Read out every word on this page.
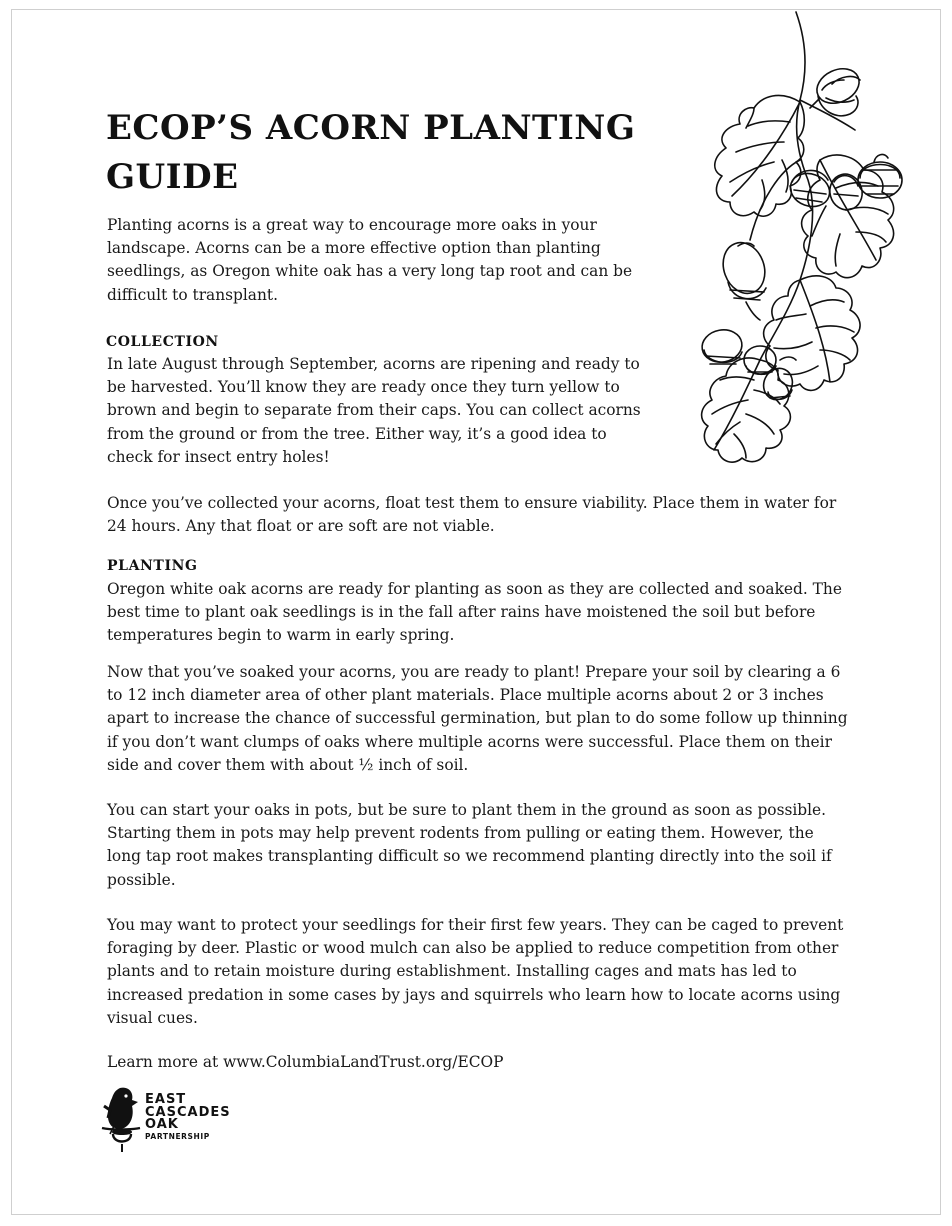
ECOP’S ACORN PLANTING GUIDE

Planting acorns is a great way to encourage more oaks in your landscape. Acorns can be a more effective option than planting seedlings, as Oregon white oak has a very long tap root and can be difficult to transplant.

COLLECTION

In late August through September, acorns are ripening and ready to be harvested. You’ll know they are ready once they turn yellow to brown and begin to separate from their caps. You can collect acorns from the ground or from the tree. Either way, it’s a good idea to check for insect entry holes!

Once you’ve collected your acorns, float test them to ensure viability. Place them in water for 24 hours. Any that float or are soft are not viable.

PLANTING

Oregon white oak acorns are ready for planting as soon as they are collected and soaked. The best time to plant oak seedlings is in the fall after rains have moistened the soil but before temperatures begin to warm in early spring.

Now that you’ve soaked your acorns, you are ready to plant! Prepare your soil by clearing a 6 to 12 inch diameter area of other plant materials. Place multiple acorns about 2 or 3 inches apart to increase the chance of successful germination, but plan to do some follow up thinning if you don’t want clumps of oaks where multiple acorns were successful. Place them on their side and cover them with about ½ inch of soil.

You can start your oaks in pots, but be sure to plant them in the ground as soon as possible. Starting them in pots may help prevent rodents from pulling or eating them. However, the long tap root makes transplanting difficult so we recommend planting directly into the soil if possible.

You may want to protect your seedlings for their first few years. They can be caged to prevent foraging by deer. Plastic or wood mulch can also be applied to reduce competition from other plants and to retain moisture during establishment. Installing cages and mats has led to increased predation in some cases by jays and squirrels who learn how to locate acorns using visual cues.

Learn more at www.ColumbiaLandTrust.org/ECOP

EAST
CASCADES
OAK
PARTNERSHIP
